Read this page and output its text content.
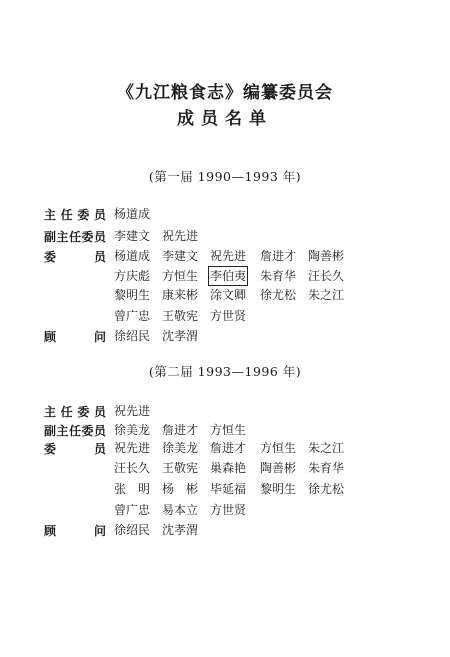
《九江粮食志》编纂委员会
成员名单
(第一届 1990—1993 年)
主 任 委 员 杨道成
副 主 任 委 员 李建文 祝先进
委	员 杨道成 李建文 祝先进 詹进才 陶善彬
方庆彪 方恒生 李伯夷 朱育华 汪长久
黎明生 康来彬 涂文卿 徐尤松 朱之江
曾广忠 王敬宪 方世贤
顾	问 徐绍民 沈孝渭
(第二届 1993—1996 年)
主 任 委 员 祝先进
副 主 任 委 员 徐美龙 詹进才 方恒生
委	员 祝先进 徐美龙 詹进才 方恒生 朱之江
汪长久 王敬宪 巢森艳 陶善彬 朱育华
张　明 杨　彬 毕延福 黎明生 徐尤松
曾广忠 易本立 方世贤
顾	问 徐绍民 沈孝渭
